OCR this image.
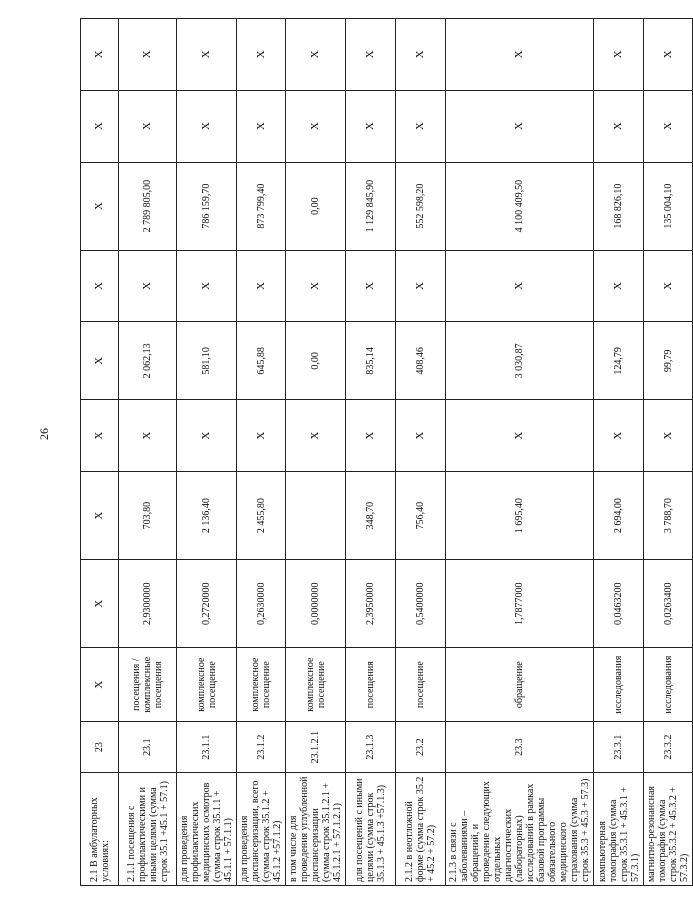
26
2.1 В амбулаторных условиях:	23	Х	Х	Х	Х	Х	Х	Х	Х	Х
2.1.1 посещения с профилактическими и иными целями (сумма строк 35.1 +45.1 + 57.1)	23.1	посещения / комплексные посещения	2,9300000	703,80	Х	2 062,13	Х	2 789 805,00	Х	Х
для проведения профилактических медицинских осмотров (сумма строк 35.1.1 + 45.1.1 + 57.1.1)	23.1.1	комплексное посещение	0,2720000	2 136,40	Х	581,10	Х	786 159,70	Х	Х
для проведения диспансеризации, всего (сумма строк 35.1.2 + 45.1.2 +57.1.2)	23.1.2	комплексное посещение	0,2630000	2 455,80	Х	645,88	Х	873 799,40	Х	Х
в том числе для проведения углубленной диспансеризации (сумма строк 35.1.2.1 + 45.1.2.1 + 57.1.2.1)	23.1.2.1	комплексное посещение	0,0000000		Х	0,00	Х	0,00	Х	Х
для посещений с иными целями (сумма строк 35.1.3 + 45.1.3 +57.1.3)	23.1.3	посещения	2,3950000	348,70	Х	835,14	Х	1 129 845,90	Х	Х
2.1.2 в неотложной форме (сумма строк 35.2 + 45.2 + 57.2)	23.2	посещение	0,5400000	756,40	Х	408,46	Х	552 598,20	Х	Х
2.1.3 в связи с заболеваниями – обращений, и проведение следующих отдельных диагностических (лабораторных) исследований в рамках базовой программы обязательного медицинского страхования (сумма строк 35.3 + 45.3 + 57.3)	23.3	обращение	1,7877000	1 695,40	Х	3 030,87	Х	4 100 409,50	Х	Х
компьютерная томография (сумма строк 35.3.1 + 45.3.1 + 57.3.1)	23.3.1	исследования	0,0463200	2 694,00	Х	124,79	Х	168 826,10	Х	Х
магнитно-резонансная томография (сумма строк 35.3.2 + 45.3.2 + 57.3.2)	23.3.2	исследования	0,0263400	3 788,70	Х	99,79	Х	135 004,10	Х	Х
